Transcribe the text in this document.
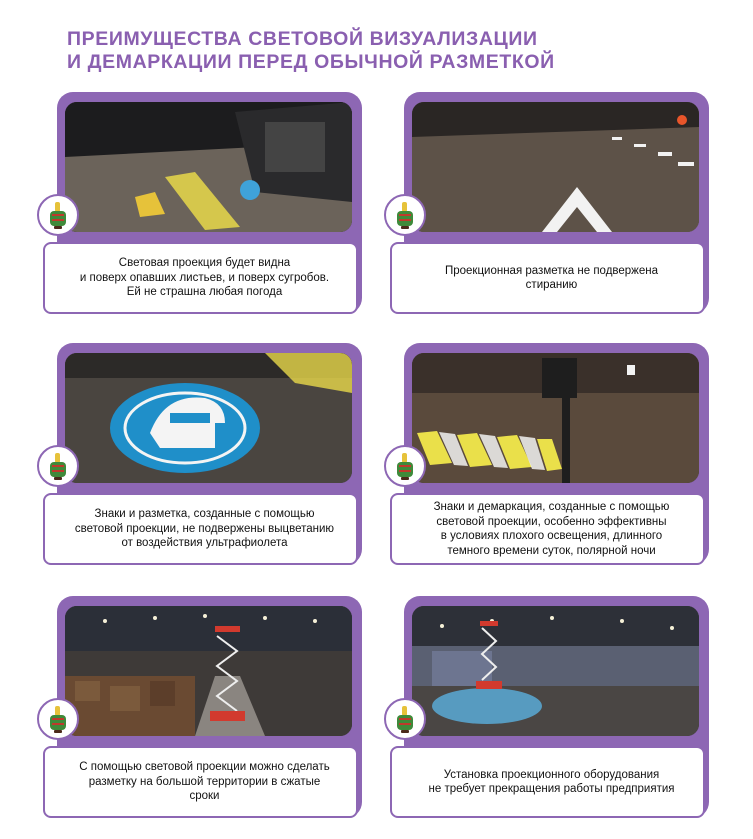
ПРЕИМУЩЕСТВА СВЕТОВОЙ ВИЗУАЛИЗАЦИИ
И ДЕМАРКАЦИИ ПЕРЕД ОБЫЧНОЙ РАЗМЕТКОЙ

Световая проекция будет видна
и поверх опавших листьев, и поверх сугробов.
Ей не страшна любая погода

Проекционная разметка не подвержена
стиранию

Знаки и разметка, созданные с помощью
световой проекции, не подвержены выцветанию
от воздействия ультрафиолета

Знаки и демаркация, созданные с помощью
световой проекции, особенно эффективны
в условиях плохого освещения, длинного
темного времени суток, полярной ночи

С помощью световой проекции можно сделать
разметку на большой территории в сжатые
сроки

Установка проекционного оборудования
не требует прекращения работы предприятия
